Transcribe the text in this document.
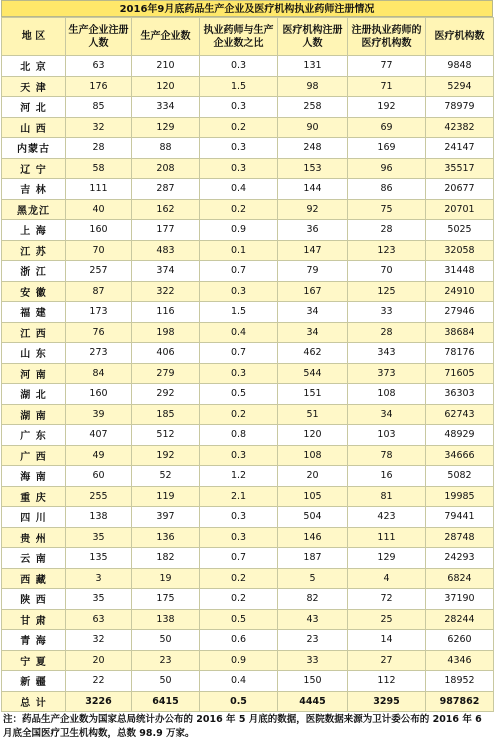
2016年9月底药品生产企业及医疗机构执业药师注册情况
地 区	生产企业注册人数	生产企业数	执业药师与生产企业数之比	医疗机构注册人数	注册执业药师的医疗机构数	医疗机构数
北 京	63	210	0.3	131	77	9848
天 津	176	120	1.5	98	71	5294
河 北	85	334	0.3	258	192	78979
山 西	32	129	0.2	90	69	42382
内蒙古	28	88	0.3	248	169	24147
辽 宁	58	208	0.3	153	96	35517
吉 林	111	287	0.4	144	86	20677
黑龙江	40	162	0.2	92	75	20701
上 海	160	177	0.9	36	28	5025
江 苏	70	483	0.1	147	123	32058
浙 江	257	374	0.7	79	70	31448
安 徽	87	322	0.3	167	125	24910
福 建	173	116	1.5	34	33	27946
江 西	76	198	0.4	34	28	38684
山 东	273	406	0.7	462	343	78176
河 南	84	279	0.3	544	373	71605
湖 北	160	292	0.5	151	108	36303
湖 南	39	185	0.2	51	34	62743
广 东	407	512	0.8	120	103	48929
广 西	49	192	0.3	108	78	34666
海 南	60	52	1.2	20	16	5082
重 庆	255	119	2.1	105	81	19985
四 川	138	397	0.3	504	423	79441
贵 州	35	136	0.3	146	111	28748
云 南	135	182	0.7	187	129	24293
西 藏	3	19	0.2	5	4	6824
陕 西	35	175	0.2	82	72	37190
甘 肃	63	138	0.5	43	25	28244
青 海	32	50	0.6	23	14	6260
宁 夏	20	23	0.9	33	27	4346
新 疆	22	50	0.4	150	112	18952
总 计	3226	6415	0.5	4445	3295	987862
注：药品生产企业数为国家总局统计办公布的 2016 年 5 月底的数据，医院数据来源为卫计委公布的 2016 年 6 月底全国医疗卫生机构数，总数 98.9 万家。
